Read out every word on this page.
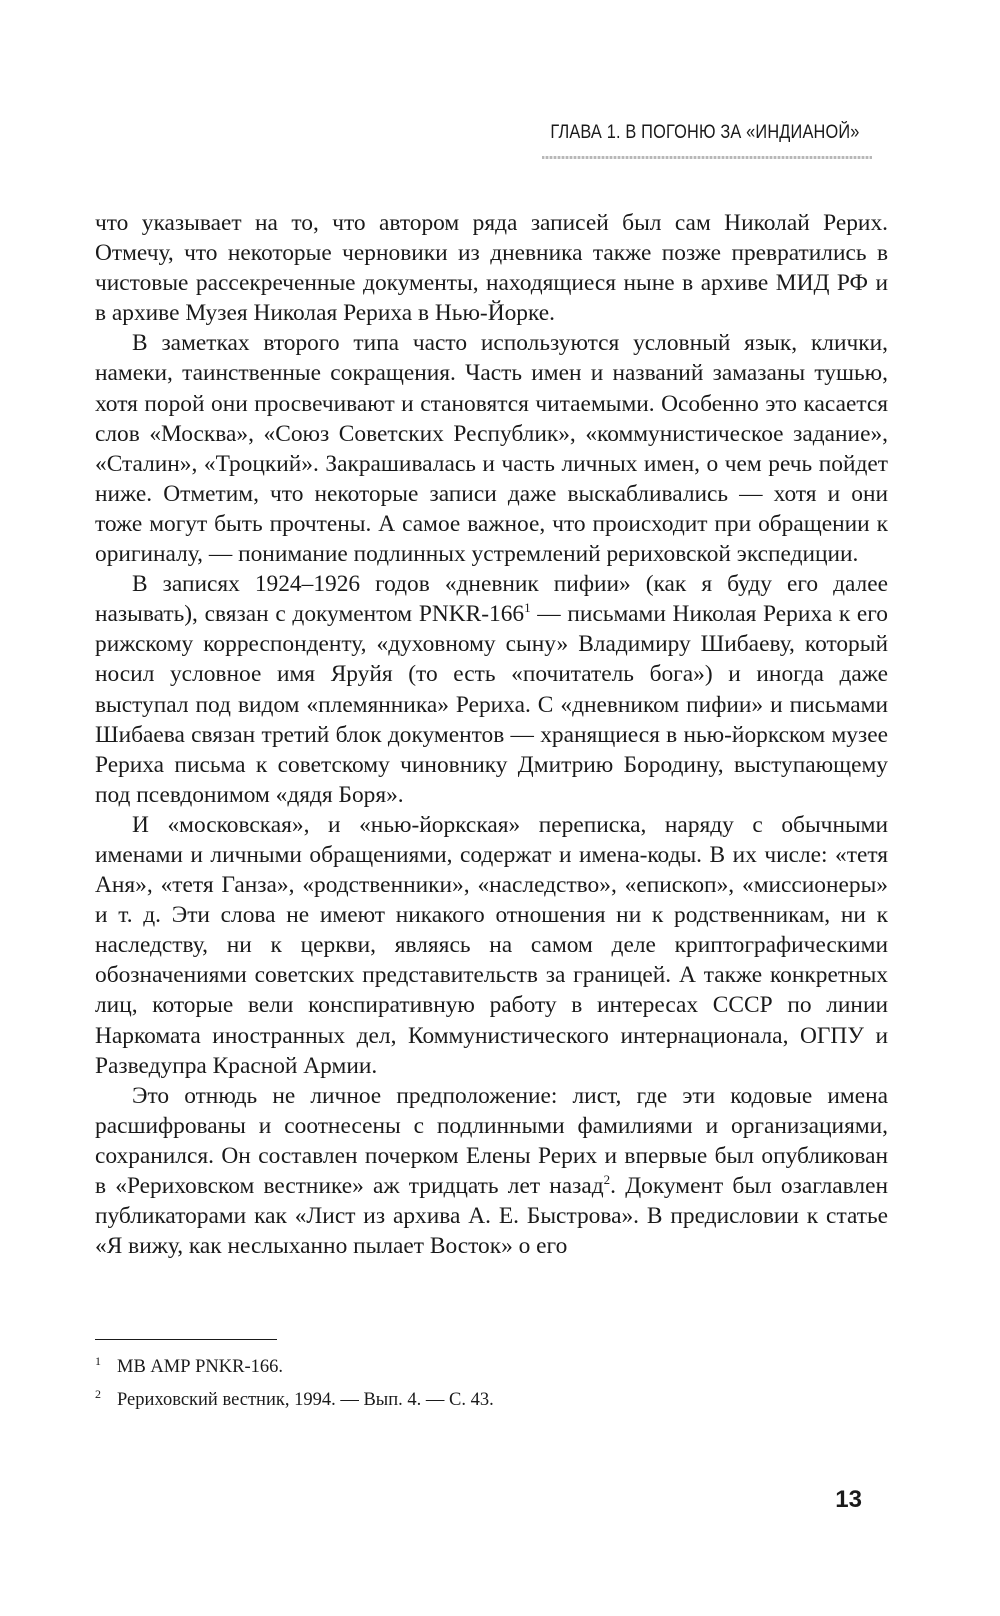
ГЛАВА 1. В ПОГОНЮ ЗА «ИНДИАНОЙ»

что указывает на то, что автором ряда записей был сам Николай Рерих. Отмечу, что некоторые черновики из дневника также позже превратились в чистовые рассекреченные документы, находящиеся ныне в архиве МИД РФ и в архиве Музея Николая Рериха в Нью-Йорке.

В заметках второго типа часто используются условный язык, клички, намеки, таинственные сокращения. Часть имен и названий замазаны тушью, хотя порой они просвечивают и становятся читаемыми. Особенно это касается слов «Москва», «Союз Советских Республик», «коммунистическое задание», «Сталин», «Троцкий». Закрашивалась и часть личных имен, о чем речь пойдет ниже. Отметим, что некоторые записи даже выскабливались — хотя и они тоже могут быть прочтены. А самое важное, что происходит при обращении к оригиналу, — понимание подлинных устремлений рериховской экспедиции.

В записях 1924–1926 годов «дневник пифии» (как я буду его далее называть), связан с документом PNKR-$166^1$ — письмами Николая Рериха к его рижскому корреспонденту, «духовному сыну» Владимиру Шибаеву, который носил условное имя Яруйя (то есть «почитатель бога») и иногда даже выступал под видом «племянника» Рериха. С «дневником пифии» и письмами Шибаева связан третий блок документов — хранящиеся в нью-йоркском музее Рериха письма к советскому чиновнику Дмитрию Бородину, выступающему под псевдонимом «дядя Боря».

И «московская», и «нью-йоркская» переписка, наряду с обычными именами и личными обращениями, содержат и имена-коды. В их числе: «тетя Аня», «тетя Ганза», «родственники», «наследство», «епископ», «миссионеры» и т. д. Эти слова не имеют никакого отношения ни к родственникам, ни к наследству, ни к церкви, являясь на самом деле криптографическими обозначениями советских представительств за границей. А также конкретных лиц, которые вели конспиративную работу в интересах СССР по линии Наркомата иностранных дел, Коммунистического интернационала, ОГПУ и Разведупра Красной Армии.

Это отнюдь не личное предположение: лист, где эти кодовые имена расшифрованы и соотнесены с подлинными фамилиями и организациями, сохранился. Он составлен почерком Елены Рерих и впервые был опубликован в «Рериховском вестнике» аж тридцать лет назад$^2$. Документ был озаглавлен публикаторами как «Лист из архива А. Е. Быстрова». В предисловии к статье «Я вижу, как неслыханно пылает Восток» о его

1 МВ АМР PNKR-166.
2 Рериховский вестник, 1994. — Вып. 4. — С. 43.
13
